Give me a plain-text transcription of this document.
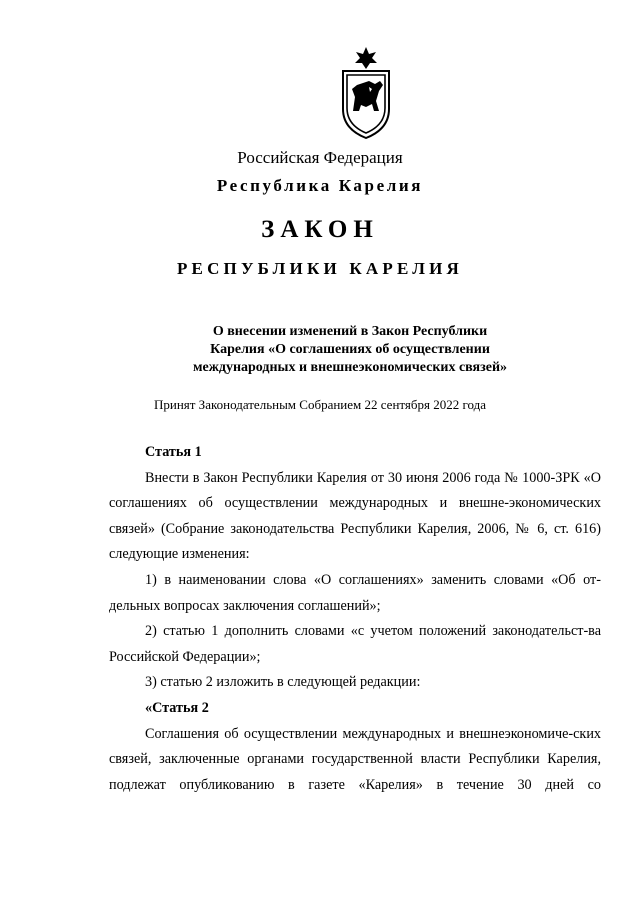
Российская Федерация
Республика Карелия
ЗАКОН
РЕСПУБЛИКИ КАРЕЛИЯ
О внесении изменений в Закон Республики
Карелия «О соглашениях об осуществлении
международных и внешнеэкономических связей»
Принят Законодательным Собранием 22 сентября 2022 года

Статья 1

Внести в Закон Республики Карелия от 30 июня 2006 года № 1000-ЗРК «О соглашениях об осуществлении международных и внешне-экономических связей» (Собрание законодательства Республики Карелия, 2006, № 6, ст. 616) следующие изменения:

1) в наименовании слова «О соглашениях» заменить словами «Об от-дельных вопросах заключения соглашений»;

2) статью 1 дополнить словами «с учетом положений законодательст-ва Российской Федерации»;

3) статью 2 изложить в следующей редакции:

«Статья 2

Соглашения об осуществлении международных и внешнеэкономиче-ских связей, заключенные органами государственной власти Республики Карелия, подлежат опубликованию в газете «Карелия» в течение 30 дней со
